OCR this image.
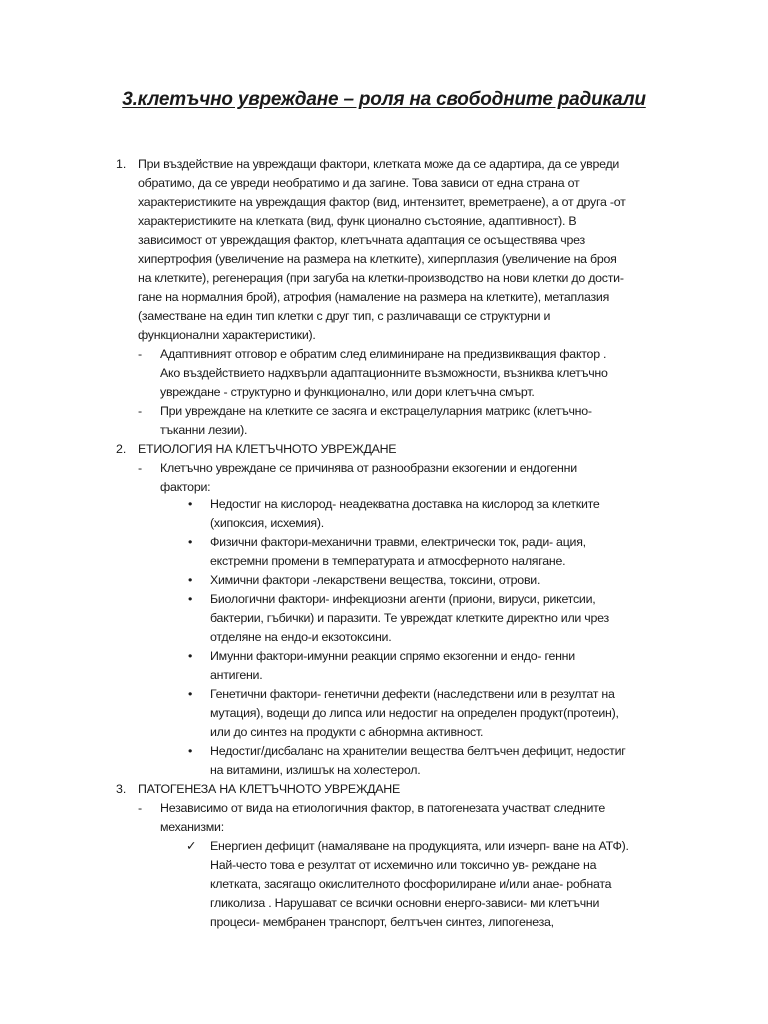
3.клетъчно увреждане – роля на свободните радикали
1. При въздействие на увреждащи фактори, клетката може да се адартира, да се увреди
обратимо, да се увреди необратимо и да загине. Това зависи от една страна от
характеристиките на увреждащия фактор (вид, интензитет, времетраене), а от друга -от
характеристиките на клетката (вид, функ ционално състояние, адаптивност). В
зависимост от увреждащия фактор, клетъчната адаптация се осъществява чрез
хипертрофия (увеличение на размера на клетките), хиперплазия (увеличение на броя
на клетките), регенерация (при загуба на клетки-производство на нови клетки до дости-
гане на нормалния брой), атрофия (намаление на размера на клетките), метаплазия
(заместване на един тип клетки с друг тип, с различаващи се структурни и
функционални характеристики).
- Адаптивният отговор е обратим след елиминиране на предизвикващия фактор .
Ако въздействието надхвърли адаптационните възможности, възниква клетъчно
увреждане - структурно и функционално, или дори клетъчна смърт.
- При увреждане на клетките се засяга и екстрацелуларния матрикс (клетъчно-
тъканни лезии).
2. ЕТИОЛОГИЯ НА КЛЕТЪЧНОТО УВРЕЖДАНЕ
- Клетъчно увреждане се причинява от разнообразни екзогении и ендогенни
фактори:
• Недостиг на кислород- неадекватна доставка на кислород за клетките
(хипоксия, исхемия).
• Физични фактори-механични травми, електрически ток, ради- ация,
екстремни промени в температурата и атмосферното налягане.
• Химични фактори -лекарствени вещества, токсини, отрови.
• Биологични фактори- инфекциозни агенти (приони, вируси, рикетсии,
бактерии, гъбички) и паразити. Те увреждат клетките директно или чрез
отделяне на ендо-и екзотоксини.
• Имунни фактори-имунни реакции спрямо екзогенни и ендо- генни
антигени.
• Генетични фактори- генетични дефекти (наследствени или в резултат на
мутация), водещи до липса или недостиг на определен продукт(протеин),
или до синтез на продукти с абнормна активност.
• Недостиг/дисбаланс на хранителии вещества белтъчен дефицит, недостиг
на витамини, излишък на холестерол.
3. ПАТОГЕНЕЗА НА КЛЕТЪЧНОТО УВРЕЖДАНЕ
- Независимо от вида на етиологичния фактор, в патогенезата участват следните
механизми:
✓ Енергиен дефицит (намаляване на продукцията, или изчерп- ване на АТФ).
Най-често това е резултат от исхемично или токсично ув- реждане на
клетката, засягащо окислителното фосфорилиране и/или анае- робната
гликолиза . Нарушават се всички основни енерго-зависи- ми клетъчни
процеси- мембранен транспорт, белтъчен синтез, липогенеза,
